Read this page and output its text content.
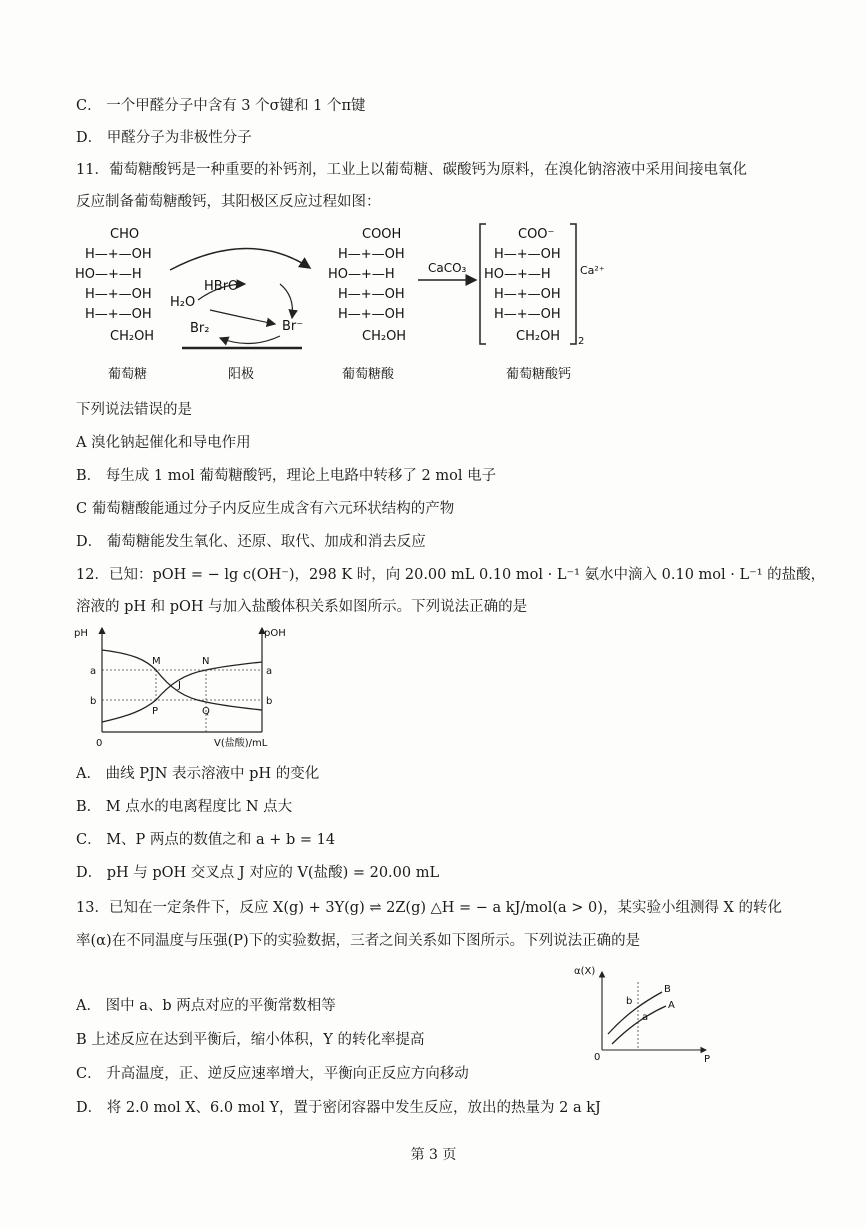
C． 一个甲醛分子中含有 3 个σ键和 1 个π键
D． 甲醛分子为非极性分子
11．葡萄糖酸钙是一种重要的补钙剂，工业上以葡萄糖、碳酸钙为原料，在溴化钠溶液中采用间接电氧化
反应制备葡萄糖酸钙，其阳极区反应过程如图：
CHO
H—+—OH
HO—+—H
H—+—OH
H—+—OH
CH₂OH
葡萄糖
HBrO
H₂O
Br₂	Br⁻
阳极
COOH
H—+—OH
HO—+—H
H—+—OH
H—+—OH
CH₂OH
葡萄糖酸
CaCO₃
COO⁻
H—+—OH
HO—+—H
H—+—OH
H—+—OH
CH₂OH
Ca²⁺
2
葡萄糖酸钙
下列说法错误的是
A 溴化钠起催化和导电作用
B． 每生成 1 mol 葡萄糖酸钙，理论上电路中转移了 2 mol 电子
C 葡萄糖酸能通过分子内反应生成含有六元环状结构的产物
D． 葡萄糖能发生氧化、还原、取代、加成和消去反应
12．已知：pOH = − lg c(OH⁻)，298 K 时，向 20.00 mL 0.10 mol · L⁻¹ 氨水中滴入 0.10 mol · L⁻¹ 的盐酸，
溶液的 pH 和 pOH 与加入盐酸体积关系如图所示。下列说法正确的是
pH	pOH
a
b
a
b
M	N
P	Q
J
0	V(盐酸)/mL
A． 曲线 PJN 表示溶液中 pH 的变化
B． M 点水的电离程度比 N 点大
C． M、P 两点的数值之和 a + b = 14
D． pH 与 pOH 交叉点 J 对应的 V(盐酸) = 20.00 mL
13．已知在一定条件下，反应 X(g) + 3Y(g) ⇌ 2Z(g) △H = − a kJ/mol(a > 0)，某实验小组测得 X 的转化
率(α)在不同温度与压强(P)下的实验数据，三者之间关系如下图所示。下列说法正确的是
α(X)
P
0
B
A
b
a
A． 图中 a、b 两点对应的平衡常数相等
B 上述反应在达到平衡后，缩小体积，Y 的转化率提高
C． 升高温度，正、逆反应速率增大，平衡向正反应方向移动
D． 将 2.0 mol X、6.0 mol Y，置于密闭容器中发生反应，放出的热量为 2 a kJ
第 3 页
